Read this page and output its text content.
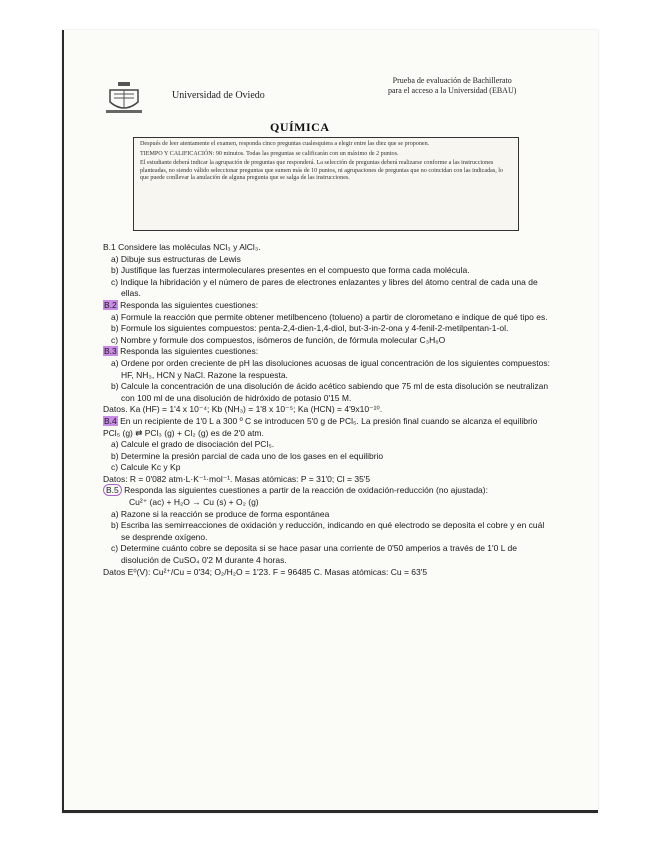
Universidad de Oviedo
Prueba de evaluación de Bachillerato
para el acceso a la Universidad (EBAU)
QUÍMICA

Después de leer atentamente el examen, responda cinco preguntas cualesquiera a elegir entre las diez que se proponen.

TIEMPO Y CALIFICACIÓN: 90 minutos. Todas las preguntas se calificarán con un máximo de 2 puntos.

El estudiante deberá indicar la agrupación de preguntas que responderá. La selección de preguntas deberá realizarse conforme a las instrucciones planteadas, no siendo válido seleccionar preguntas que sumen más de 10 puntos, ni agrupaciones de preguntas que no coincidan con las indicadas, lo que puede conllevar la anulación de alguna pregunta que se salga de las instrucciones.

B.1 Considere las moléculas NCl₃ y AlCl₃.
a) Dibuje sus estructuras de Lewis
b) Justifique las fuerzas intermoleculares presentes en el compuesto que forma cada molécula.
c) Indique la hibridación y el número de pares de electrones enlazantes y libres del átomo central de cada una de ellas.
B.2 Responda las siguientes cuestiones:
a) Formule la reacción que permite obtener metilbenceno (tolueno) a partir de clorometano e indique de qué tipo es.
b) Formule los siguientes compuestos: penta-2,4-dien-1,4-diol, but-3-in-2-ona y 4-fenil-2-metilpentan-1-ol.
c) Nombre y formule dos compuestos, isómeros de función, de fórmula molecular C₃H₆O
B.3 Responda las siguientes cuestiones:
a) Ordene por orden creciente de pH las disoluciones acuosas de igual concentración de los siguientes compuestos: HF, NH₃, HCN y NaCl. Razone la respuesta.
b) Calcule la concentración de una disolución de ácido acético sabiendo que 75 ml de esta disolución se neutralizan con 100 ml de una disolución de hidróxido de potasio 0'15 M.
Datos. Ka (HF) = 1'4 x 10⁻⁴; Kb (NH₃) = 1'8 x 10⁻⁵; Ka (HCN) = 4'9x10⁻¹⁰.
B.4 En un recipiente de 1'0 L a 300 º C se introducen 5'0 g de PCl₅. La presión final cuando se alcanza el equilibrio PCl₅ (g) ⇄ PCl₃ (g) + Cl₂ (g) es de 2'0 atm.
a) Calcule el grado de disociación del PCl₅.
b) Determine la presión parcial de cada uno de los gases en el equilibrio
c) Calcule Kc y Kp
Datos: R = 0'082 atm·L·K⁻¹·mol⁻¹. Masas atómicas: P = 31'0; Cl = 35'5
B.5 Responda las siguientes cuestiones a partir de la reacción de oxidación-reducción (no ajustada):
Cu²⁺ (ac) + H₂O → Cu (s) + O₂ (g)
a) Razone si la reacción se produce de forma espontánea
b) Escriba las semirreacciones de oxidación y reducción, indicando en qué electrodo se deposita el cobre y en cuál se desprende oxígeno.
c) Determine cuánto cobre se deposita si se hace pasar una corriente de 0'50 amperios a través de 1'0 L de disolución de CuSO₄ 0'2 M durante 4 horas.
Datos E⁰(V): Cu²⁺/Cu = 0'34; O₂/H₂O = 1'23. F = 96485 C. Masas atómicas: Cu = 63'5
